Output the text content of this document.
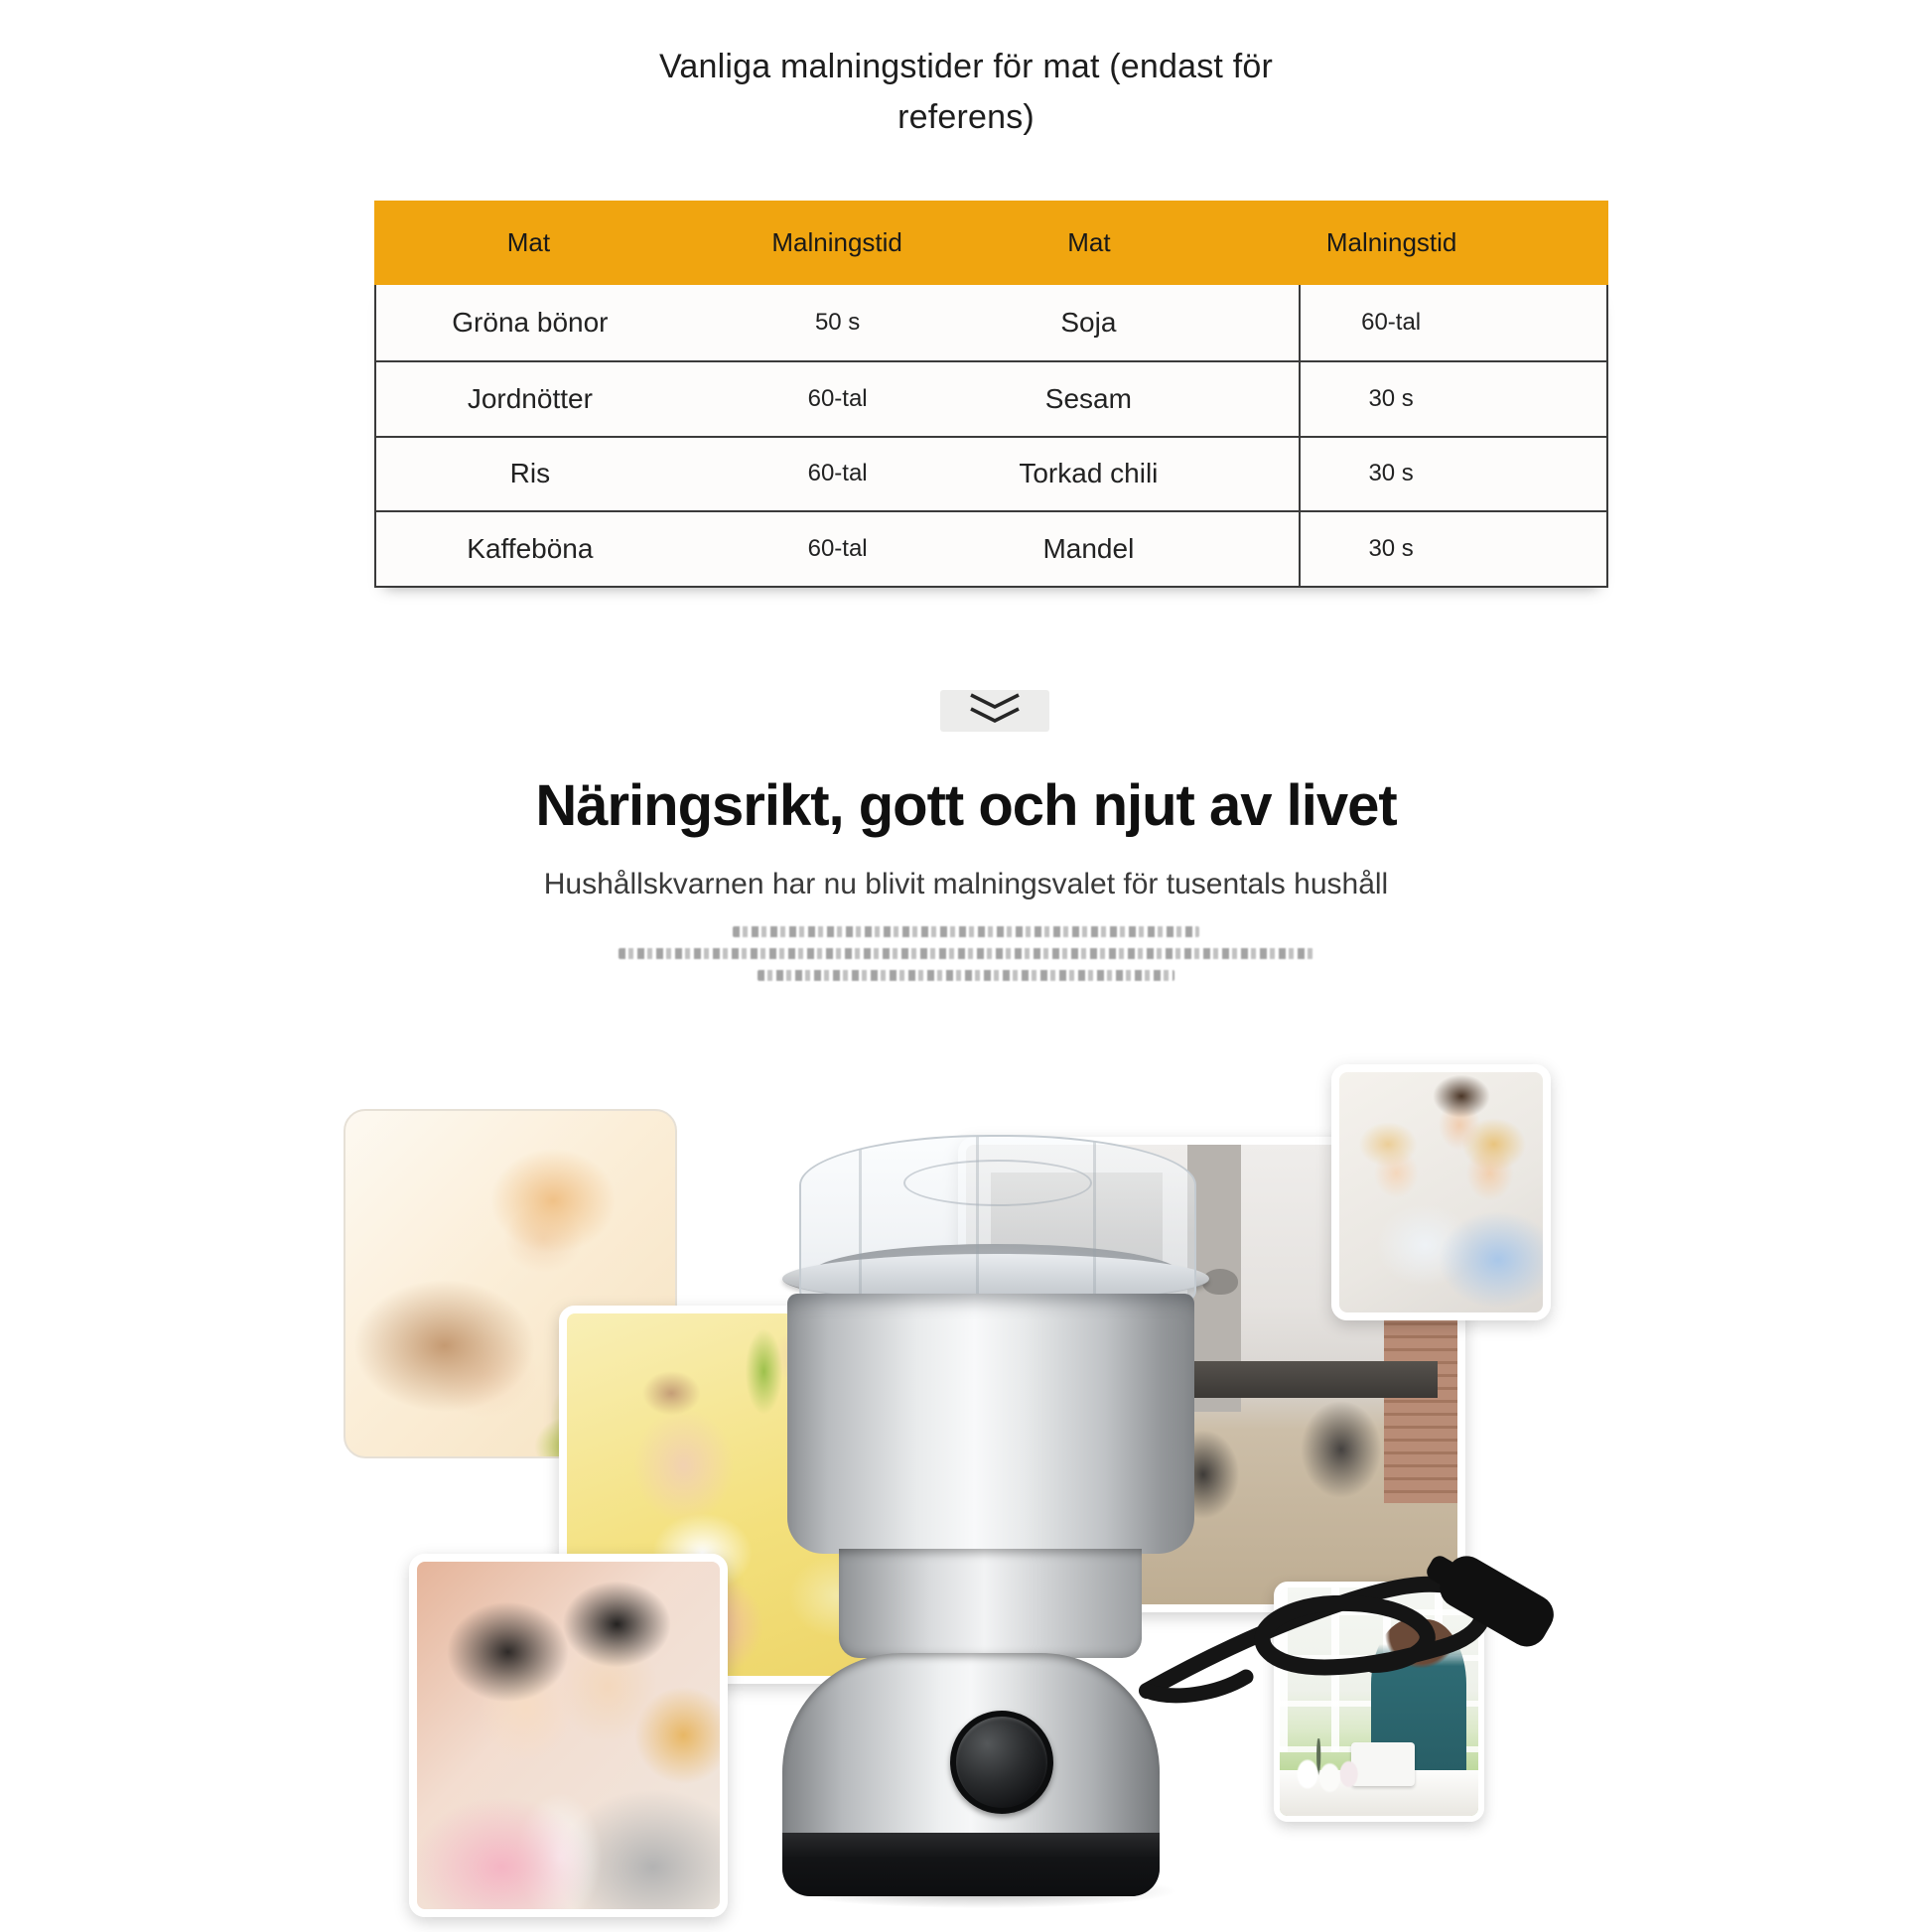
Vanliga malningstider för mat (endast för
referens)
Mat	Malningstid	Mat	Malningstid
Gröna bönor	50 s	Soja	60-tal
Jordnötter	60-tal	Sesam	30 s
Ris	60-tal	Torkad chili	30 s
Kaffeböna	60-tal	Mandel	30 s
Näringsrikt, gott och njut av livet
Hushållskvarnen har nu blivit malningsvalet för tusentals hushåll
